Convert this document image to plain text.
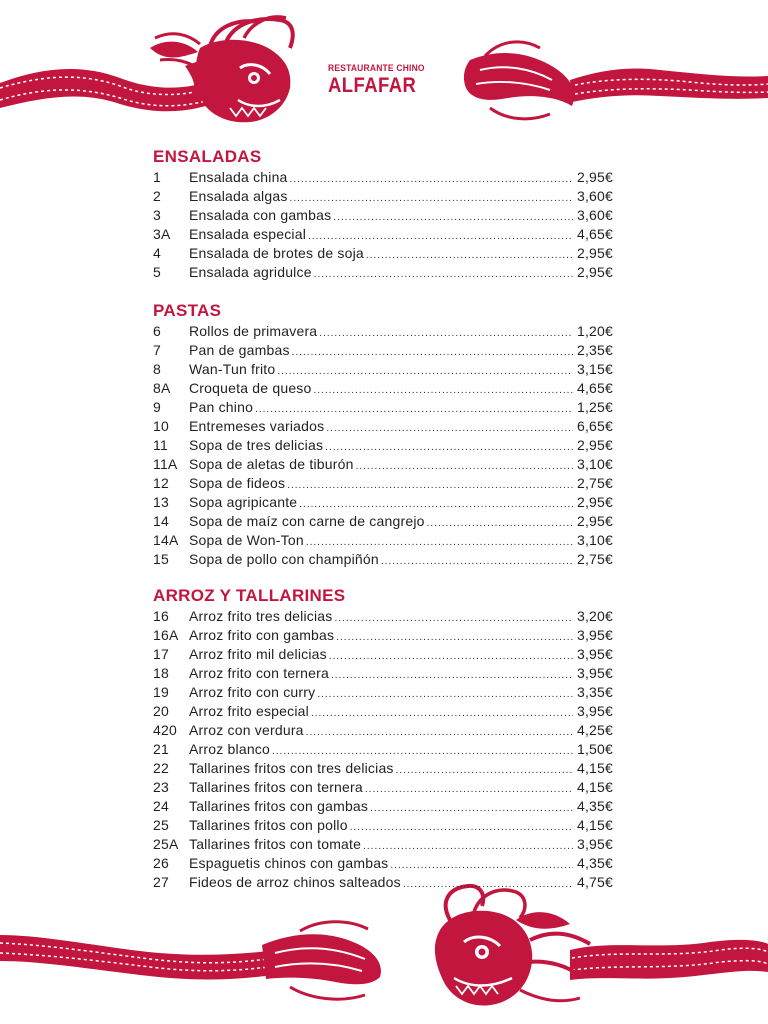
RESTAURANTE CHINO
ALFAFAR
ENSALADAS
1	Ensalada china .....	2,95€
2	Ensalada algas .....	3,60€
3	Ensalada con gambas .....	3,60€
3A	Ensalada especial .....	4,65€
4	Ensalada de brotes de soja .....	2,95€
5	Ensalada agridulce .....	2,95€
PASTAS
6	Rollos de primavera .....	1,20€
7	Pan de gambas .....	2,35€
8	Wan-Tun frito .....	3,15€
8A	Croqueta de queso .....	4,65€
9	Pan chino .....	1,25€
10	Entremeses variados .....	6,65€
11	Sopa de tres delicias .....	2,95€
11A Sopa de aletas de tiburón .....	3,10€
12	Sopa de fideos .....	2,75€
13	Sopa agripicante .....	2,95€
14	Sopa de maíz con carne de cangrejo .....	2,95€
14A Sopa de Won-Ton .....	3,10€
15	Sopa de pollo con champiñón .....	2,75€
ARROZ Y TALLARINES
16	Arroz frito tres delicias .....	3,20€
16A Arroz frito con gambas .....	3,95€
17	Arroz frito mil delicias .....	3,95€
18	Arroz frito con ternera .....	3,95€
19	Arroz frito con curry .....	3,35€
20	Arroz frito especial .....	3,95€
420 Arroz con verdura .....	4,25€
21	Arroz blanco .....	1,50€
22	Tallarines fritos con tres delicias .....	4,15€
23	Tallarines fritos con ternera .....	4,15€
24	Tallarines fritos con gambas .....	4,35€
25	Tallarines fritos con pollo .....	4,15€
25A Tallarines fritos con tomate .....	3,95€
26	Espaguetis chinos con gambas .....	4,35€
27	Fideos de arroz chinos salteados .....	4,75€
